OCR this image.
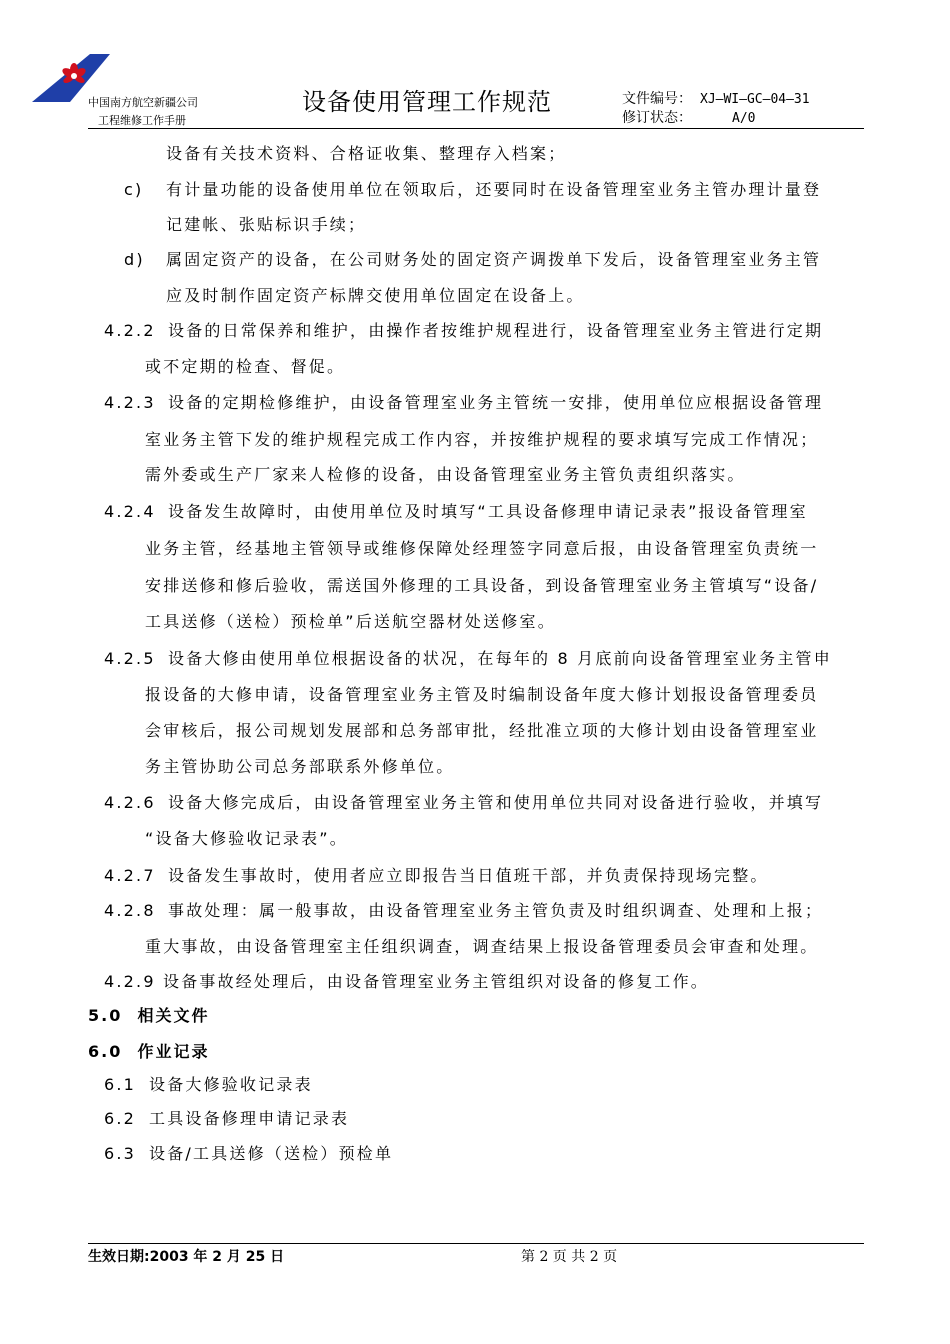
中国南方航空新疆公司
工程维修工作手册
设备使用管理工作规范	文件编号： XJ—WI—GC—04—31
修订状态：	A/0
设备有关技术资料、合格证收集、整理存入档案；
c) 有计量功能的设备使用单位在领取后，还要同时在设备管理室业务主管办理计量登
记建帐、张贴标识手续；
d) 属固定资产的设备，在公司财务处的固定资产调拨单下发后，设备管理室业务主管
应及时制作固定资产标牌交使用单位固定在设备上。
4.2.2 设备的日常保养和维护，由操作者按维护规程进行，设备管理室业务主管进行定期
或不定期的检查、督促。
4.2.3 设备的定期检修维护，由设备管理室业务主管统一安排，使用单位应根据设备管理
室业务主管下发的维护规程完成工作内容，并按维护规程的要求填写完成工作情况；
需外委或生产厂家来人检修的设备，由设备管理室业务主管负责组织落实。
4.2.4 设备发生故障时，由使用单位及时填写“工具设备修理申请记录表”报设备管理室
业务主管，经基地主管领导或维修保障处经理签字同意后报，由设备管理室负责统一
安排送修和修后验收，需送国外修理的工具设备，到设备管理室业务主管填写“设备/
工具送修（送检）预检单”后送航空器材处送修室。
4.2.5 设备大修由使用单位根据设备的状况，在每年的 8 月底前向设备管理室业务主管申
报设备的大修申请，设备管理室业务主管及时编制设备年度大修计划报设备管理委员
会审核后，报公司规划发展部和总务部审批，经批准立项的大修计划由设备管理室业
务主管协助公司总务部联系外修单位。
4.2.6 设备大修完成后，由设备管理室业务主管和使用单位共同对设备进行验收，并填写
“设备大修验收记录表”。
4.2.7 设备发生事故时，使用者应立即报告当日值班干部，并负责保持现场完整。
4.2.8 事故处理：属一般事故，由设备管理室业务主管负责及时组织调查、处理和上报；
重大事故，由设备管理室主任组织调查，调查结果上报设备管理委员会审查和处理。
4.2.9 设备事故经处理后，由设备管理室业务主管组织对设备的修复工作。
5.0  相关文件
6.0  作业记录
6.1 设备大修验收记录表
6.2 工具设备修理申请记录表
6.3 设备/工具送修（送检）预检单
生效日期:2003 年 2 月 25 日	第 2 页 共 2 页
